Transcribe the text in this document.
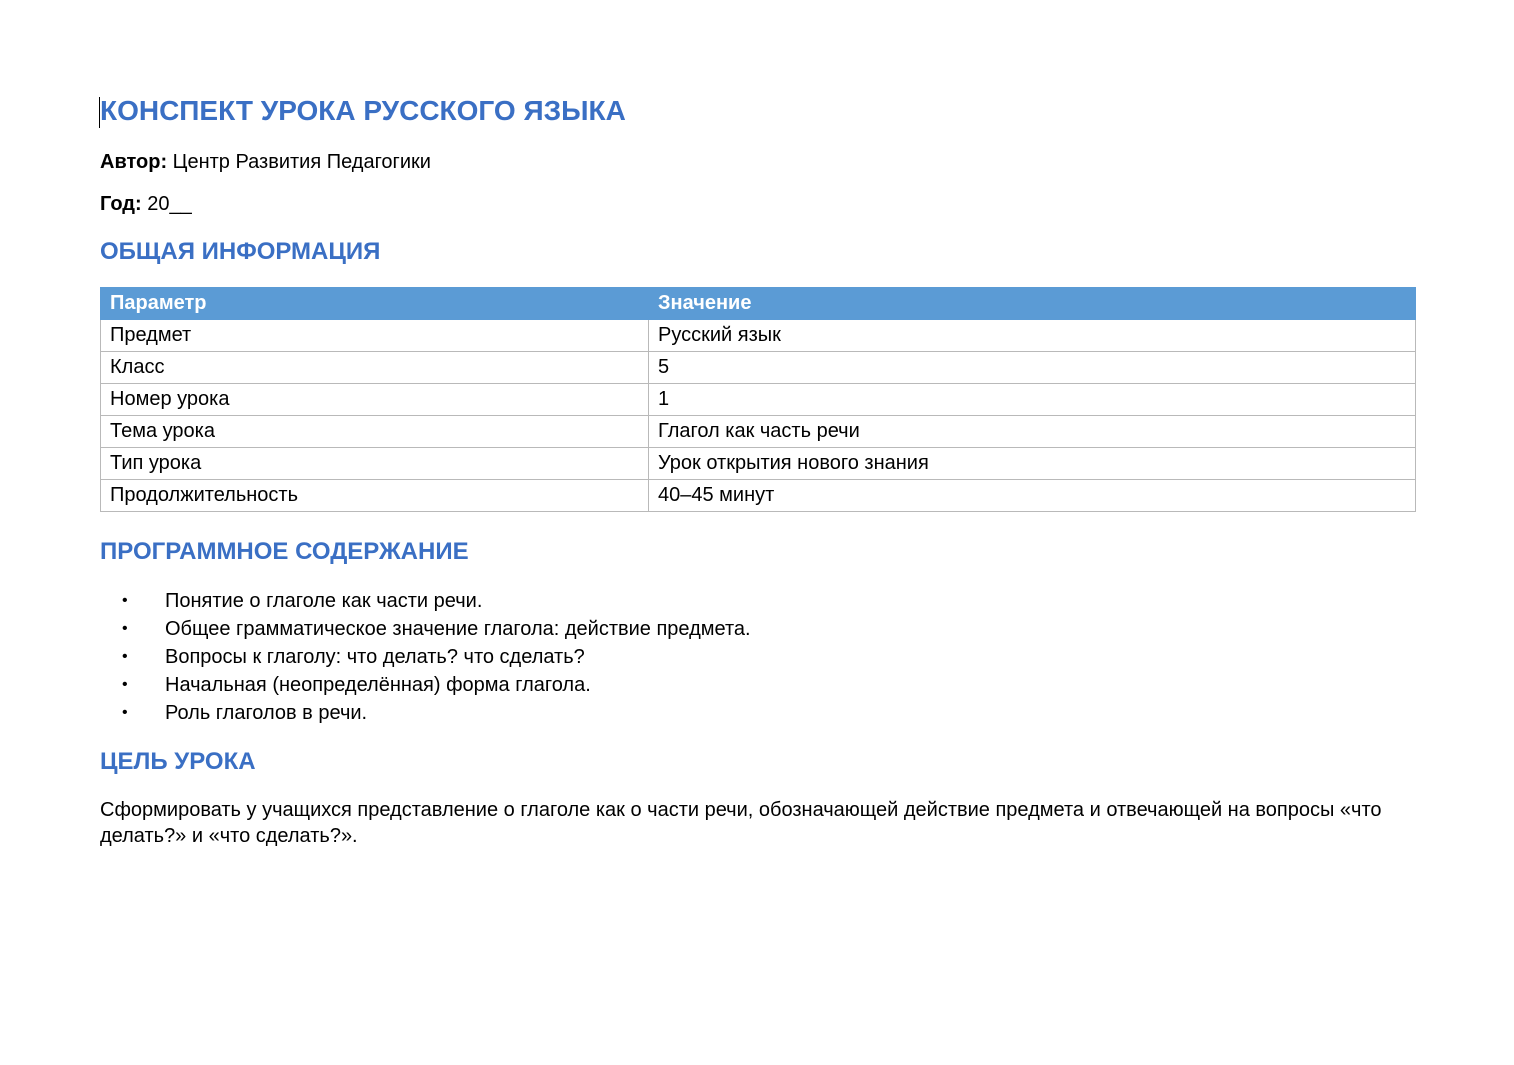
КОНСПЕКТ УРОКА РУССКОГО ЯЗЫКА
Автор: Центр Развития Педагогики
Год: 20__
ОБЩАЯ ИНФОРМАЦИЯ
Параметр	Значение
Предмет	Русский язык
Класс	5
Номер урока	1
Тема урока	Глагол как часть речи
Тип урока	Урок открытия нового знания
Продолжительность	40–45 минут
ПРОГРАММНОЕ СОДЕРЖАНИЕ
• Понятие о глаголе как части речи.
• Общее грамматическое значение глагола: действие предмета.
• Вопросы к глаголу: что делать? что сделать?
• Начальная (неопределённая) форма глагола.
• Роль глаголов в речи.
ЦЕЛЬ УРОКА

Сформировать у учащихся представление о глаголе как о части речи, обозначающей действие предмета и отвечающей на вопросы «что делать?» и «что сделать?».
